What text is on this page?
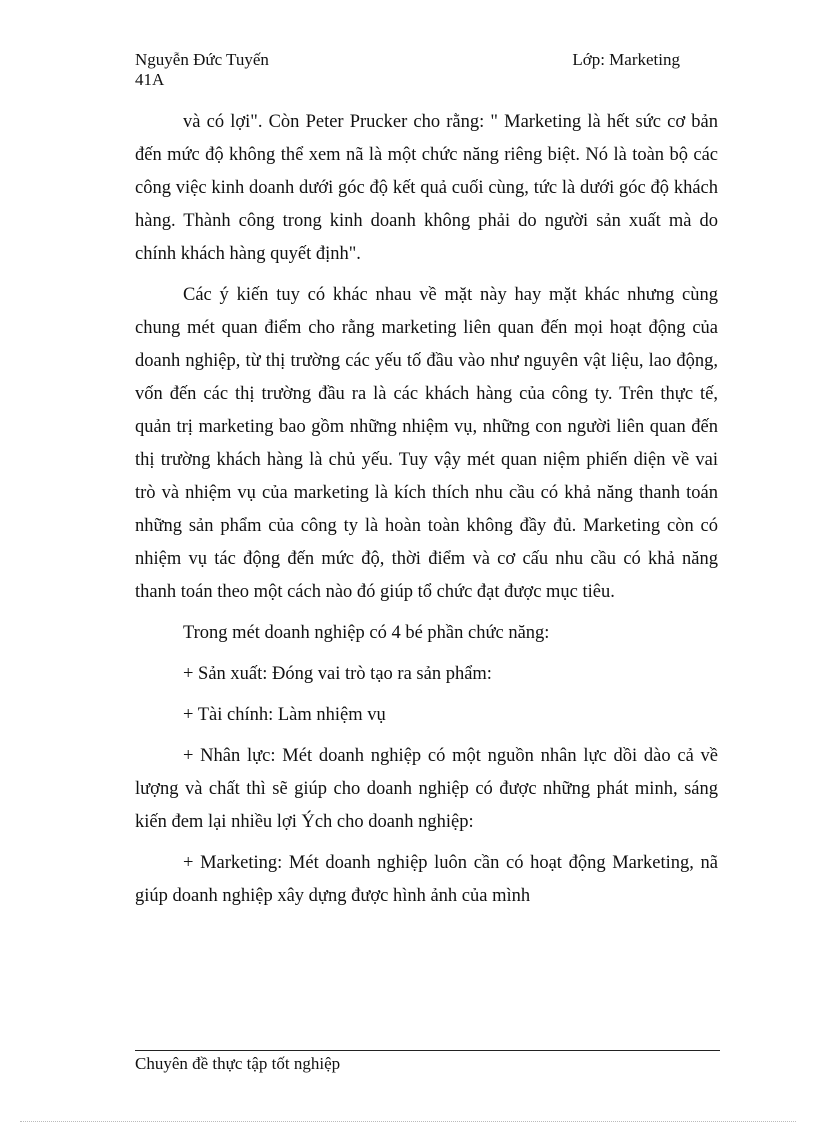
Nguyễn Đức Tuyến	Lớp: Marketing
41A

và có lợi". Còn Peter Prucker cho rằng: " Marketing là hết sức cơ bản đến mức độ không thể xem nã là một chức năng riêng biệt. Nó là toàn bộ các công việc kinh doanh dưới góc độ kết quả cuối cùng, tức là dưới góc độ khách hàng. Thành công trong kinh doanh không phải do người sản xuất mà do chính khách hàng quyết định".

Các ý kiến tuy có khác nhau về mặt này hay mặt khác nhưng cùng chung mét quan điểm cho rằng marketing liên quan đến mọi hoạt động của doanh nghiệp, từ thị trường các yếu tố đầu vào như nguyên vật liệu, lao động, vốn đến các thị trường đầu ra là các khách hàng của công ty. Trên thực tế, quản trị marketing bao gồm những nhiệm vụ, những con người liên quan đến thị trường khách hàng là chủ yếu. Tuy vậy mét quan niệm phiến diện về vai trò và nhiệm vụ của marketing là kích thích nhu cầu có khả năng thanh toán những sản phẩm của công ty là hoàn toàn không đầy đủ. Marketing còn có nhiệm vụ tác động đến mức độ, thời điểm và cơ cấu nhu cầu có khả năng thanh toán theo một cách nào đó giúp tổ chức đạt được mục tiêu.

Trong mét doanh nghiệp có 4 bé phần chức năng:

+ Sản xuất: Đóng vai trò tạo ra sản phẩm:

+ Tài chính: Làm nhiệm vụ

+ Nhân lực: Mét doanh nghiệp có một nguồn nhân lực dồi dào cả về lượng và chất thì sẽ giúp cho doanh nghiệp có được những phát minh, sáng kiến đem lại nhiều lợi Ých cho doanh nghiệp:

+ Marketing: Mét doanh nghiệp luôn cần có hoạt động Marketing, nã giúp doanh nghiệp xây dựng được hình ảnh của mình

Chuyên đề thực tập tốt nghiệp
